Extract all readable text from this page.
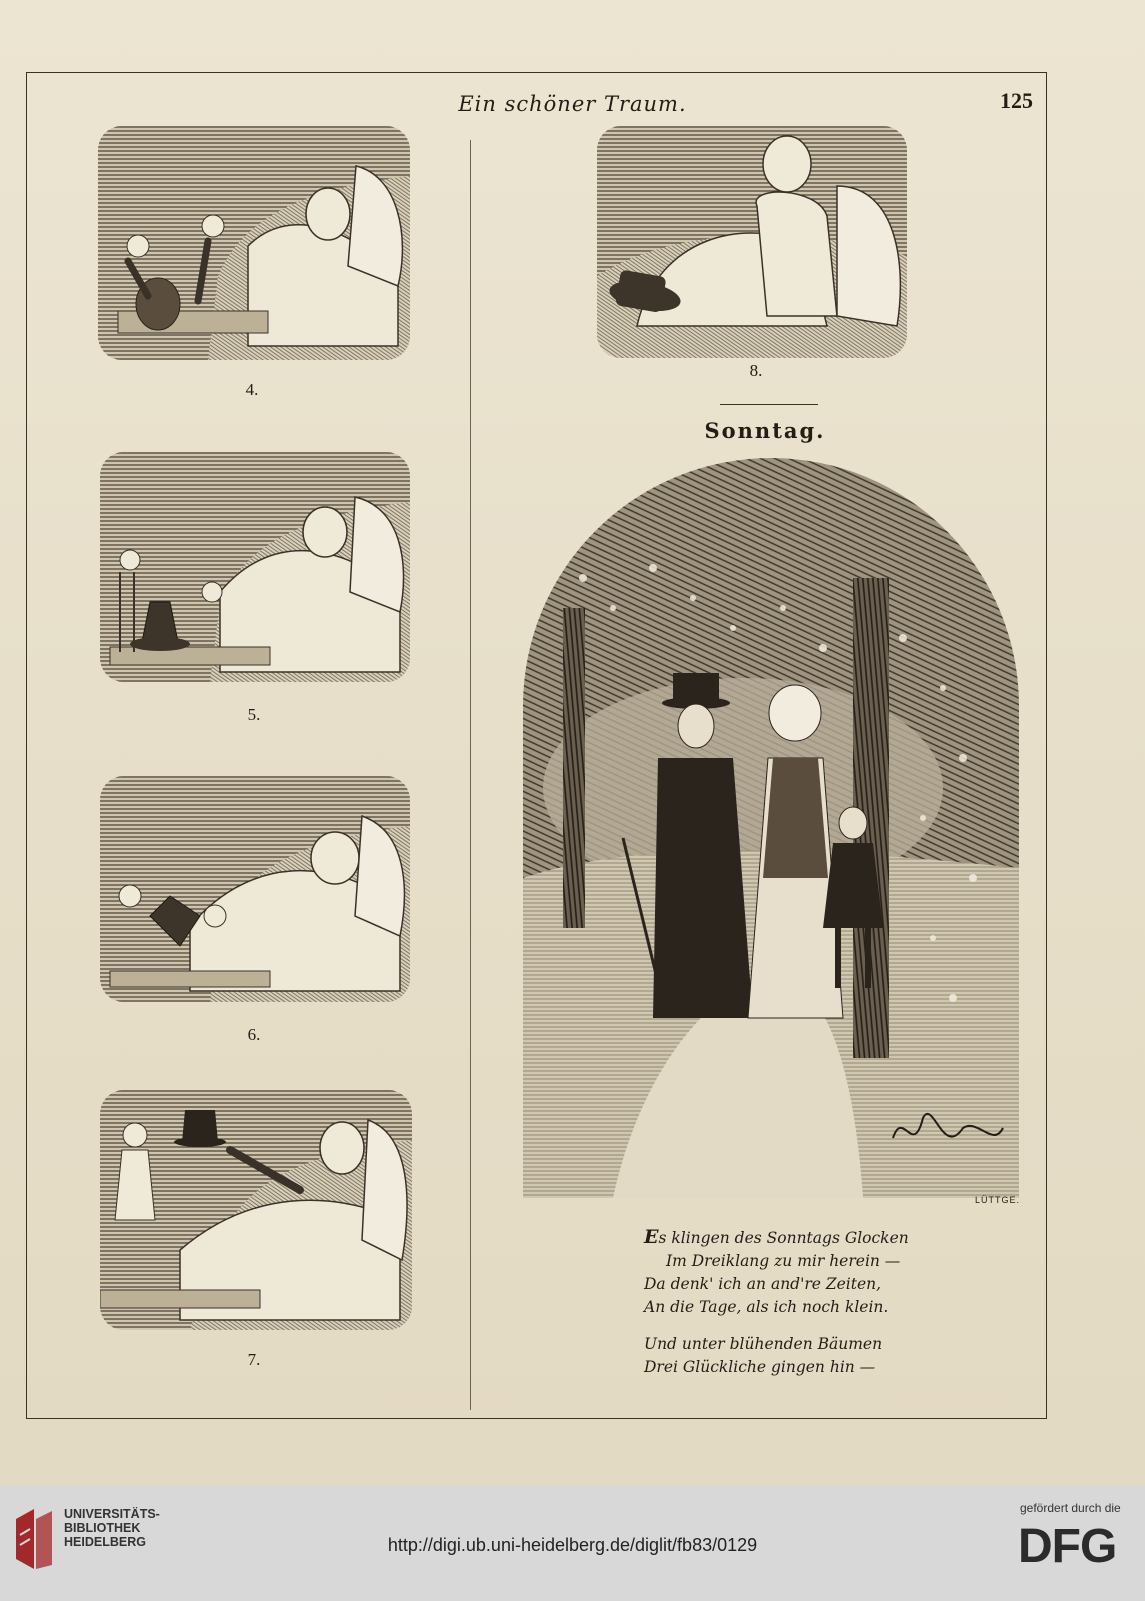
Ein schöner Traum.	125
4.
5.
6.
7.
8.
Sonntag.
LÜTTGE.
Es klingen des Sonntags Glocken
Im Dreiklang zu mir herein —
Da denk' ich an and're Zeiten,
An die Tage, als ich noch klein.
Und unter blühenden Bäumen
Drei Glückliche gingen hin —
UNIVERSITÄTS-
BIBLIOTHEK
HEIDELBERG	http://digi.ub.uni-heidelberg.de/diglit/fb83/0129
gefördert durch die
DFG
